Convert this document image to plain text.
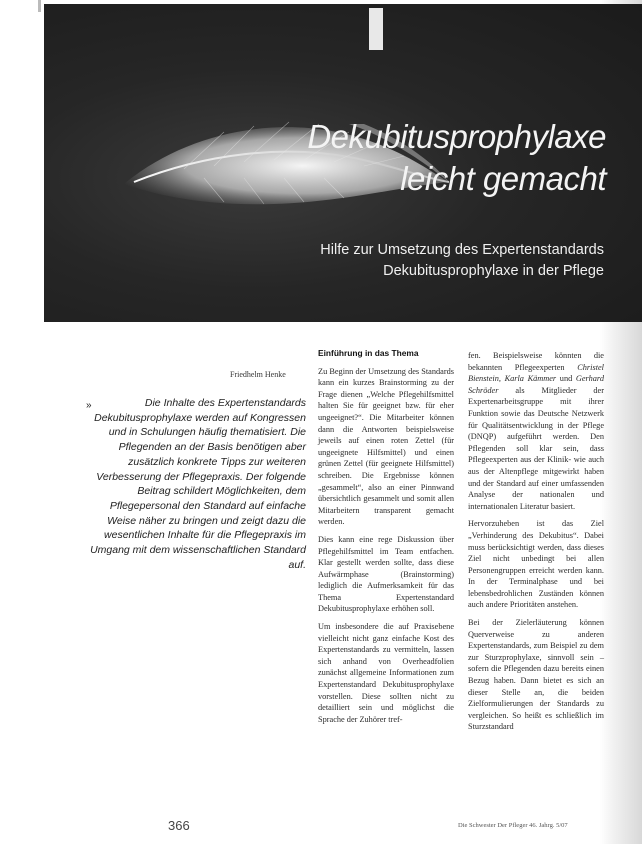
Dekubitusprophylaxe
leicht gemacht
Hilfe zur Umsetzung des Expertenstandards
Dekubitusprophylaxe in der Pflege
Friedhelm Henke
»	Die Inhalte des Expertenstandards Dekubitusprophylaxe werden auf Kongressen und in Schulungen häufig thematisiert. Die Pflegenden an der Basis benötigen aber zusätzlich konkrete Tipps zur weiteren Verbesserung der Pflegepraxis. Der folgende Beitrag schildert Möglichkeiten, dem Pflegepersonal den Standard auf einfache Weise näher zu bringen und zeigt dazu die wesentlichen Inhalte für die Pflegepraxis im Umgang mit dem wissenschaftlichen Standard auf.
Einführung in das Thema

Zu Beginn der Umsetzung des Standards kann ein kurzes Brainstorming zu der Frage dienen „Welche Pflegehilfsmittel halten Sie für geeignet bzw. für eher ungeeignet?“. Die Mitarbeiter können dann die Antworten beispielsweise jeweils auf einen roten Zettel (für ungeeignete Hilfsmittel) und einen grünen Zettel (für geeignete Hilfsmittel) schreiben. Die Ergebnisse können „gesammelt“, also an einer Pinnwand übersichtlich gesammelt und somit allen Mitarbeitern transparent gemacht werden.

Dies kann eine rege Diskussion über Pflegehilfsmittel im Team entfachen. Klar gestellt werden sollte, dass diese Aufwärmphase (Brainstorming) lediglich die Aufmerksamkeit für das Thema Expertenstandard Dekubitusprophylaxe erhöhen soll.

Um insbesondere die auf Praxisebene vielleicht nicht ganz einfache Kost des Expertenstandards zu vermitteln, lassen sich anhand von Overheadfolien zunächst allgemeine Informationen zum Expertenstandard Dekubitusprophylaxe vorstellen. Diese sollten nicht zu detailliert sein und möglichst die Sprache der Zuhörer tref-

fen. Beispielsweise könnten die bekannten Pflegeexperten Christel Bienstein, Karla Kämmer und Gerhard Schröder als Mitglieder der Expertenarbeitsgruppe mit ihrer Funktion sowie das Deutsche Netzwerk für Qualitätsentwicklung in der Pflege (DNQP) aufgeführt werden. Den Pflegenden soll klar sein, dass Pflegeexperten aus der Klinik- wie auch aus der Altenpflege mitgewirkt haben und der Standard auf einer umfassenden Analyse der nationalen und internationalen Literatur basiert.

Hervorzuheben ist das Ziel „Verhinderung des Dekubitus“. Dabei muss berücksichtigt werden, dass dieses Ziel nicht unbedingt bei allen Personengruppen erreicht werden kann. In der Terminalphase und bei lebensbedrohlichen Zuständen können auch andere Prioritäten anstehen.

Bei der Zielerläuterung können Querverweise zu anderen Expertenstandards, zum Beispiel zu dem zur Sturzprophylaxe, sinnvoll sein – sofern die Pflegenden dazu bereits einen Bezug haben. Dann bietet es sich an dieser Stelle an, die beiden Zielformulierungen der Standards zu vergleichen. So heißt es schließlich im Sturzstandard

366	Die Schwester Der Pfleger 46. Jahrg. 5/07
